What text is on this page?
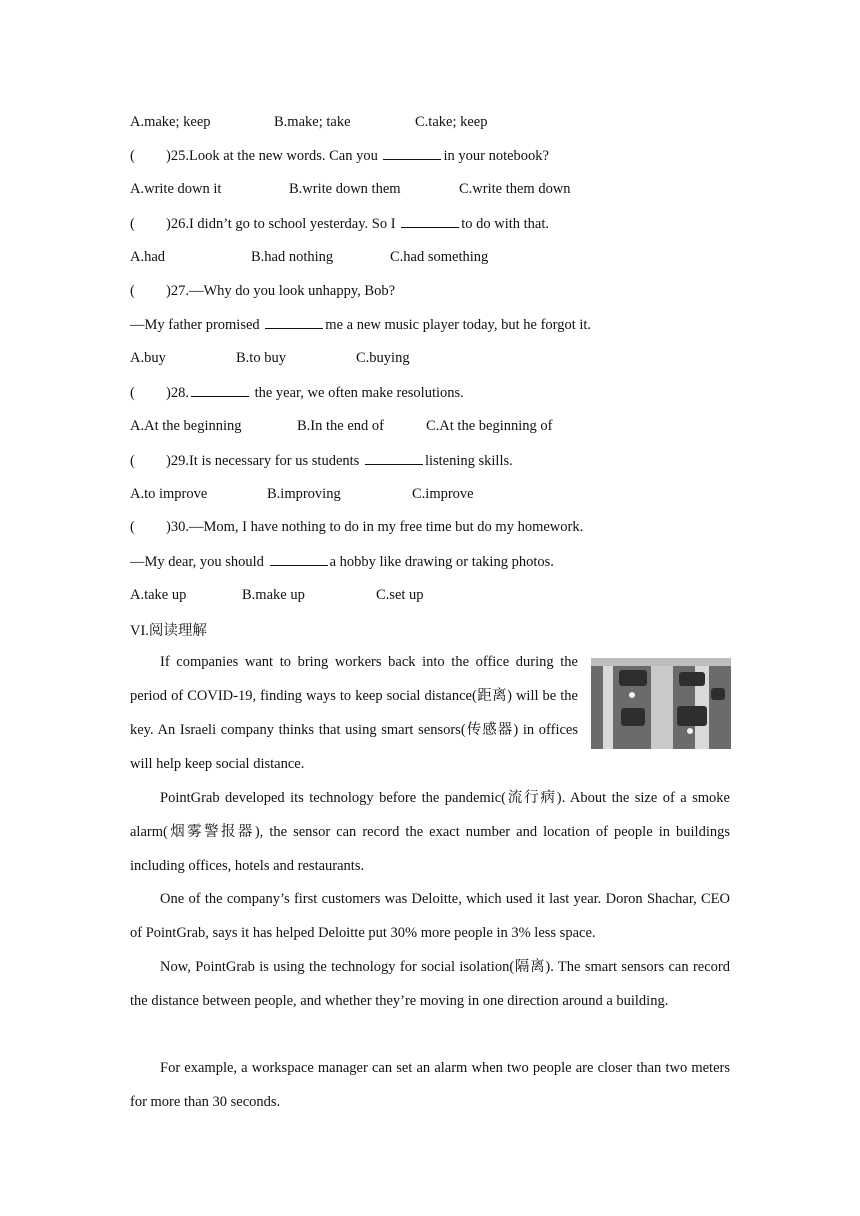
A.make; keep	B.make; take	C.take; keep
( )25.Look at the new words. Can you	in your notebook?
A.write down it	B.write down them	C.write them down
( )26.I didn’t go to school yesterday. So I	to do with that.
A.had	B.had nothing	C.had something
( )27.—Why do you look unhappy, Bob?
—My father promised	me a new music player today, but he forgot it.
A.buy	B.to buy	C.buying
( )28.	the year, we often make resolutions.
A.At the beginning	B.In the end of	C.At the beginning of
( )29.It is necessary for us students	listening skills.
A.to improve	B.improving	C.improve
( )30.—Mom, I have nothing to do in my free time but do my homework.
—My dear, you should	a hobby like drawing or taking photos.
A.take up	B.make up	C.set up
VI.阅读理解

If companies want to bring workers back into the office during the period of COVID-19, finding ways to keep social distance(距离) will be the key. An Israeli company thinks that using smart sensors(传感器) in offices will help keep social distance.

PointGrab developed its technology before the pandemic(流行病). About the size of a smoke alarm(烟雾警报器), the sensor can record the exact number and location of people in buildings including offices, hotels and restaurants.

One of the company’s first customers was Deloitte, which used it last year. Doron Shachar, CEO of PointGrab, says it has helped Deloitte put 30% more people in 3% less space.

Now, PointGrab is using the technology for social isolation(隔离). The smart sensors can record the distance between people, and whether they’re moving in one direction around a building.

For example, a workspace manager can set an alarm when two people are closer than two meters for more than 30 seconds.
